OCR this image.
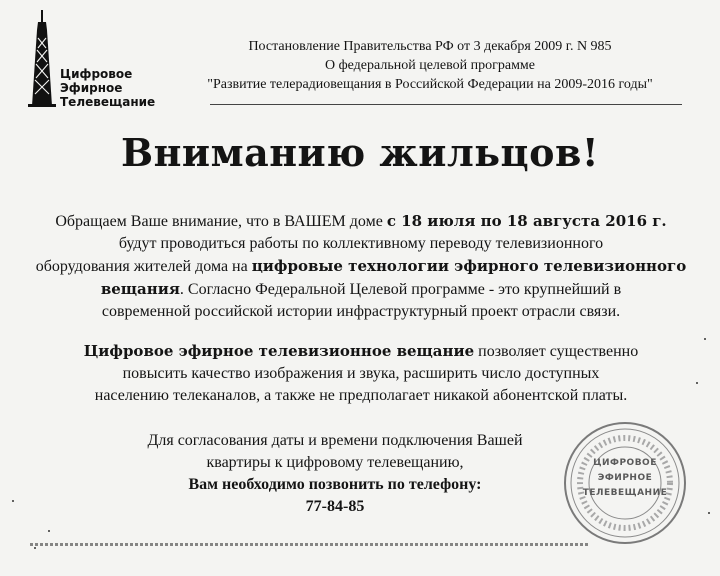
Цифровое
Эфирное
Телевещание
Постановление Правительства РФ от 3 декабря 2009 г. N 985
О федеральной целевой программе
"Развитие телерадиовещания в Российской Федерации на 2009-2016 годы"
Вниманию жильцов!
Обращаем Ваше внимание, что в ВАШЕМ доме с 18 июля по 18 августа 2016 г.
будут проводиться работы по коллективному переводу телевизионного
оборудования жителей дома на цифровые технологии эфирного телевизионного
вещания. Согласно Федеральной Целевой программе - это крупнейший в
современной российской истории инфраструктурный проект отрасли связи.
Цифровое эфирное телевизионное вещание позволяет существенно
повысить качество изображения и звука, расширить число доступных
населению телеканалов, а также не предполагает никакой абонентской платы.
Для согласования даты и времени подключения Вашей
квартиры к цифровому телевещанию,
Вам необходимо позвонить по телефону:
77-84-85
ЦИФРОВОЕ
ЭФИРНОЕ
ТЕЛЕВЕЩАНИЕ
